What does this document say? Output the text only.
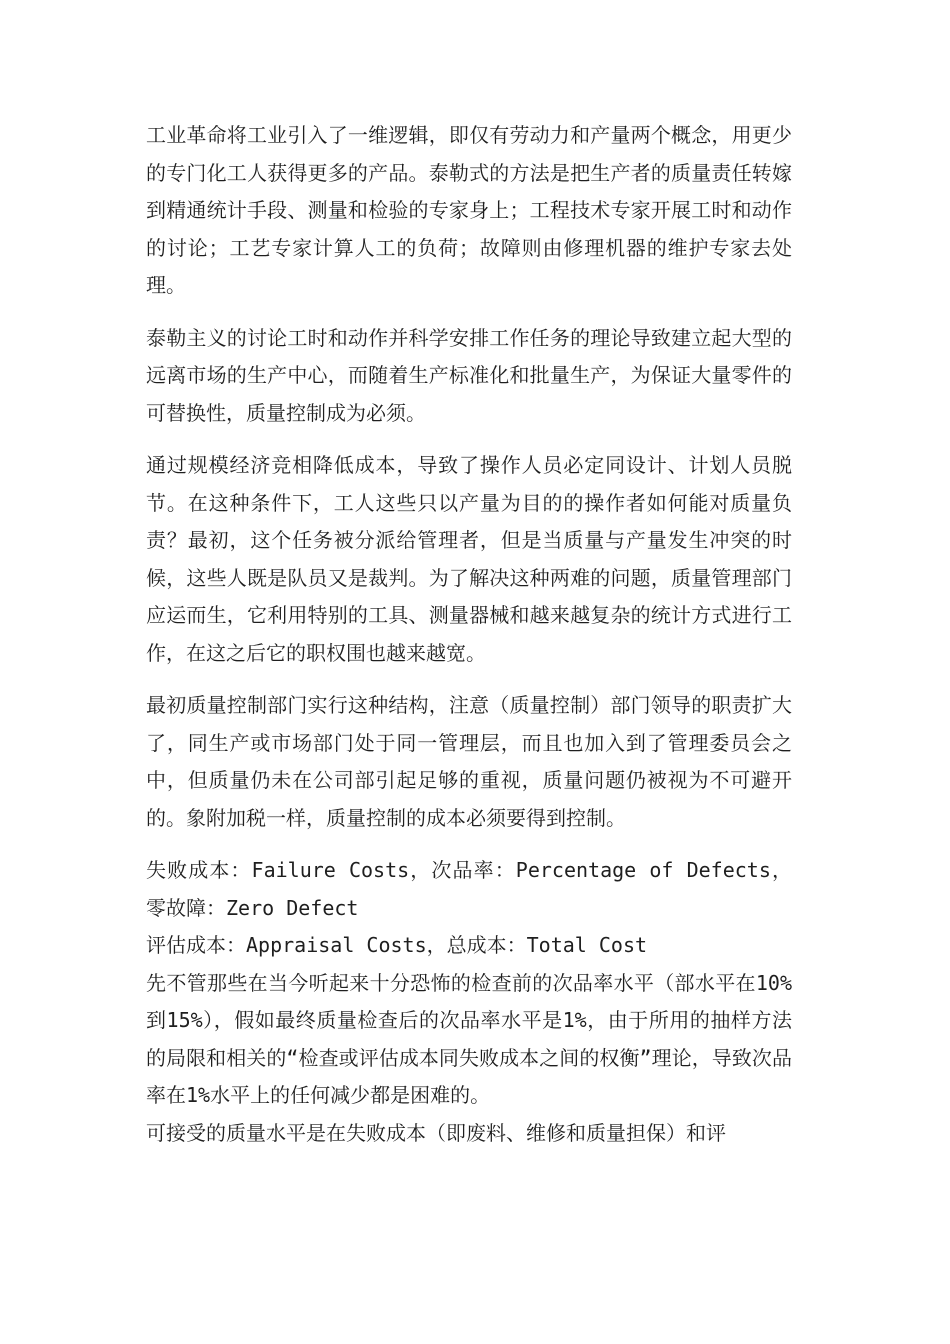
工业革命将工业引入了一维逻辑，即仅有劳动力和产量两个概念，用更少的专门化工人获得更多的产品。泰勒式的方法是把生产者的质量责任转嫁到精通统计手段、测量和检验的专家身上；工程技术专家开展工时和动作的讨论；工艺专家计算人工的负荷；故障则由修理机器的维护专家去处理。

泰勒主义的讨论工时和动作并科学安排工作任务的理论导致建立起大型的远离市场的生产中心，而随着生产标准化和批量生产，为保证大量零件的可替换性，质量控制成为必须。

通过规模经济竞相降低成本，导致了操作人员必定同设计、计划人员脱节。在这种条件下，工人这些只以产量为目的的操作者如何能对质量负责？最初，这个任务被分派给管理者，但是当质量与产量发生冲突的时候，这些人既是队员又是裁判。为了解决这种两难的问题，质量管理部门应运而生，它利用特别的工具、测量器械和越来越复杂的统计方式进行工作，在这之后它的职权围也越来越宽。

最初质量控制部门实行这种结构，注意（质量控制）部门领导的职责扩大了，同生产或市场部门处于同一管理层，而且也加入到了管理委员会之中，但质量仍未在公司部引起足够的重视，质量问题仍被视为不可避开的。象附加税一样，质量控制的成本必须要得到控制。

失败成本：Failure Costs，次品率：Percentage of Defects，零故障：Zero Defect

评估成本：Appraisal Costs，总成本：Total Cost

先不管那些在当今听起来十分恐怖的检查前的次品率水平（部水平在10%到15%），假如最终质量检查后的次品率水平是1%，由于所用的抽样方法的局限和相关的“检查或评估成本同失败成本之间的权衡”理论，导致次品率在1%水平上的任何减少都是困难的。

可接受的质量水平是在失败成本（即废料、维修和质量担保）和评
